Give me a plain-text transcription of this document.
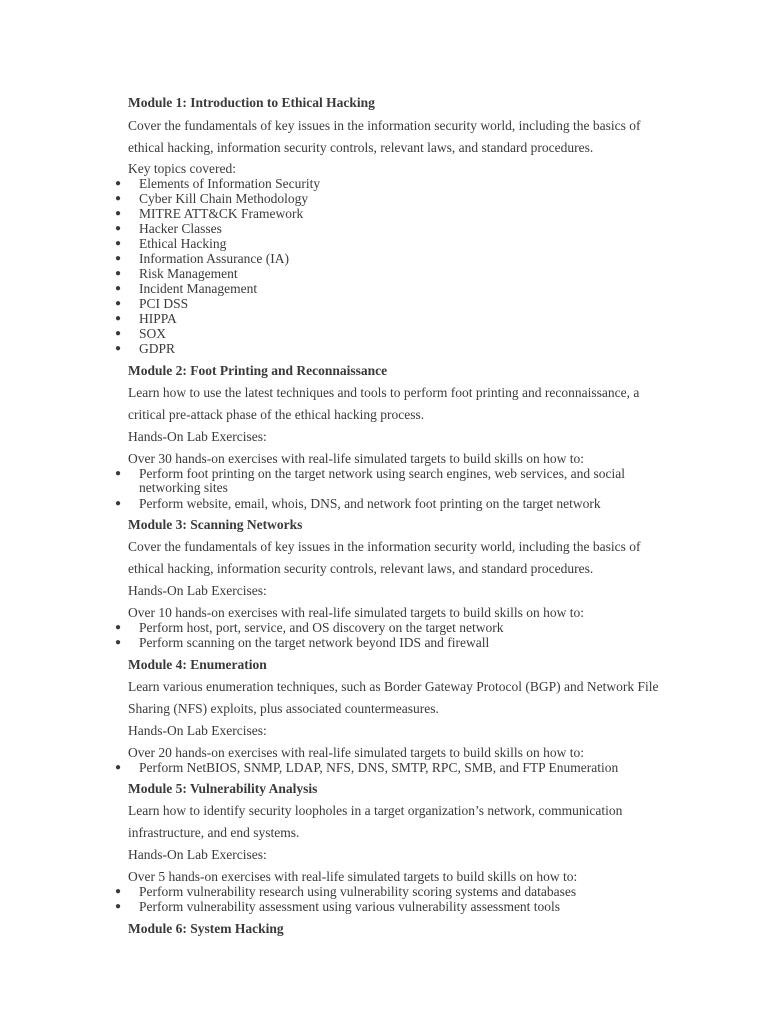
Module 1: Introduction to Ethical Hacking
Cover the fundamentals of key issues in the information security world, including the basics of
ethical hacking, information security controls, relevant laws, and standard procedures.
Key topics covered:
● Elements of Information Security
● Cyber Kill Chain Methodology
● MITRE ATT&CK Framework
● Hacker Classes
● Ethical Hacking
● Information Assurance (IA)
● Risk Management
● Incident Management
● PCI DSS
● HIPPA
● SOX
● GDPR
Module 2: Foot Printing and Reconnaissance
Learn how to use the latest techniques and tools to perform foot printing and reconnaissance, a
critical pre-attack phase of the ethical hacking process.
Hands-On Lab Exercises:
Over 30 hands-on exercises with real-life simulated targets to build skills on how to:
● Perform foot printing on the target network using search engines, web services, and social
networking sites
● Perform website, email, whois, DNS, and network foot printing on the target network
Module 3: Scanning Networks
Cover the fundamentals of key issues in the information security world, including the basics of
ethical hacking, information security controls, relevant laws, and standard procedures.
Hands-On Lab Exercises:
Over 10 hands-on exercises with real-life simulated targets to build skills on how to:
● Perform host, port, service, and OS discovery on the target network
● Perform scanning on the target network beyond IDS and firewall
Module 4: Enumeration
Learn various enumeration techniques, such as Border Gateway Protocol (BGP) and Network File
Sharing (NFS) exploits, plus associated countermeasures.
Hands-On Lab Exercises:
Over 20 hands-on exercises with real-life simulated targets to build skills on how to:
● Perform NetBIOS, SNMP, LDAP, NFS, DNS, SMTP, RPC, SMB, and FTP Enumeration
Module 5: Vulnerability Analysis
Learn how to identify security loopholes in a target organization’s network, communication
infrastructure, and end systems.
Hands-On Lab Exercises:
Over 5 hands-on exercises with real-life simulated targets to build skills on how to:
● Perform vulnerability research using vulnerability scoring systems and databases
● Perform vulnerability assessment using various vulnerability assessment tools
Module 6: System Hacking
